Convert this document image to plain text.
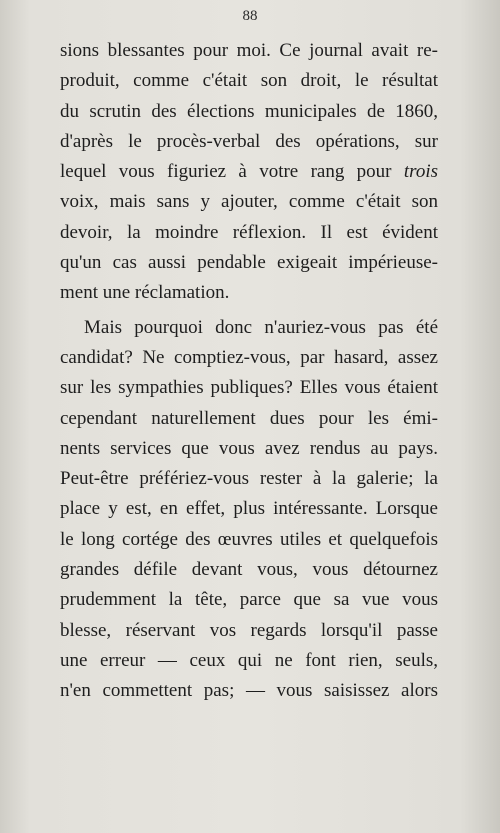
88
sions blessantes pour moi. Ce journal avait re-
produit, comme c'était son droit, le résultat
du scrutin des élections municipales de 1860,
d'après le procès-verbal des opérations, sur
lequel vous figuriez à votre rang pour trois
voix, mais sans y ajouter, comme c'était son
devoir, la moindre réflexion. Il est évident
qu'un cas aussi pendable exigeait impérieuse-
ment une réclamation.
Mais pourquoi donc n'auriez-vous pas été
candidat? Ne comptiez-vous, par hasard, assez
sur les sympathies publiques? Elles vous étaient
cependant naturellement dues pour les émi-
nents services que vous avez rendus au pays.
Peut-être préfériez-vous rester à la galerie; la
place y est, en effet, plus intéressante. Lorsque
le long cortége des œuvres utiles et quelquefois
grandes défile devant vous, vous détournez
prudemment la tête, parce que sa vue vous
blesse, réservant vos regards lorsqu'il passe
une erreur — ceux qui ne font rien, seuls,
n'en commettent pas; — vous saisissez alors
